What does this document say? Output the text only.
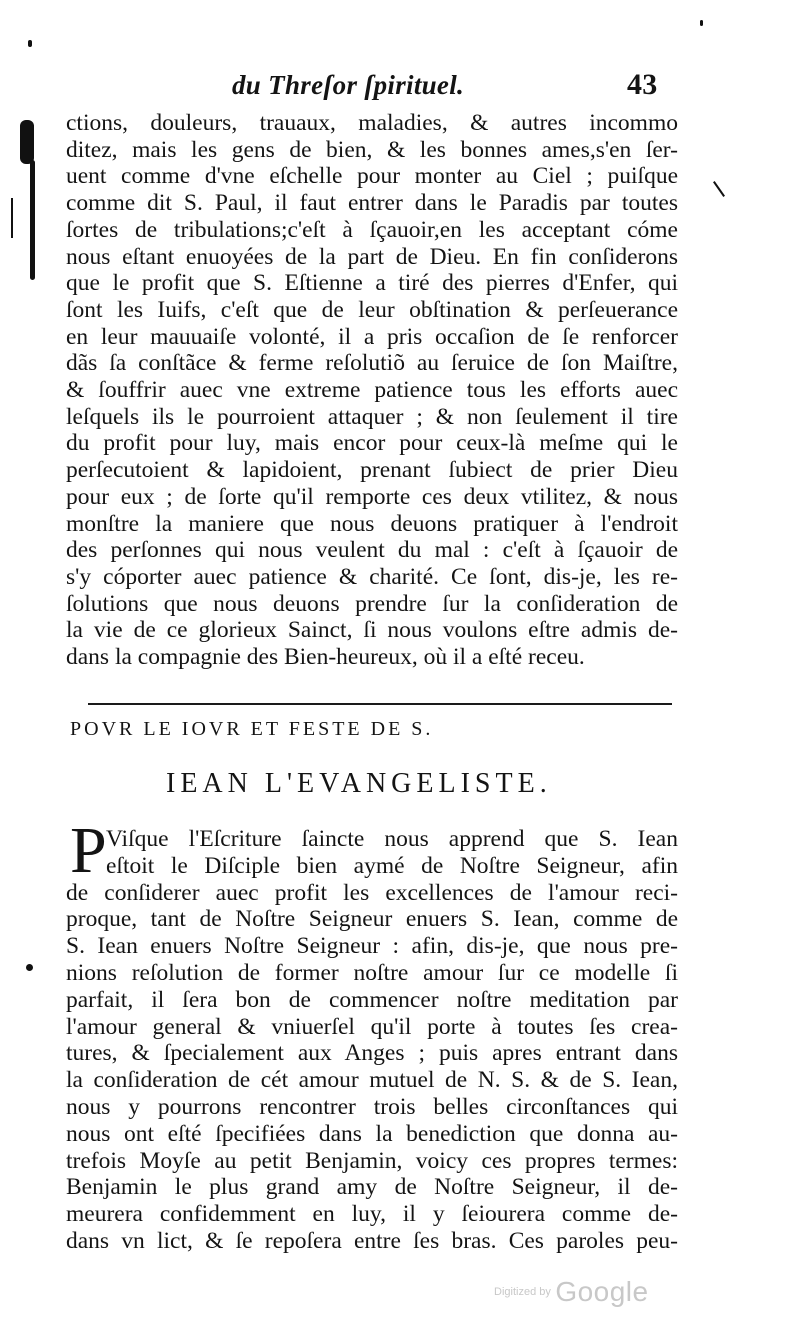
du Threſor ſpirituel.	43
ctions, douleurs, trauaux, maladies, & autres incommo
ditez, mais les gens de bien, & les bonnes ames,s'en ſer-
uent comme d'vne eſchelle pour monter au Ciel ; puiſque
comme dit S. Paul, il faut entrer dans le Paradis par toutes
ſortes de tribulations;c'eſt à ſçauoir,en les acceptant cóme
nous eſtant enuoyées de la part de Dieu. En fin conſiderons
que le profit que S. Eſtienne a tiré des pierres d'Enfer, qui
ſont les Iuifs, c'eſt que de leur obſtination & perſeuerance
en leur mauuaiſe volonté, il a pris occaſion de ſe renforcer
dãs ſa conſtãce & ferme reſolutiõ au ſeruice de ſon Maiſtre,
& ſouffrir auec vne extreme patience tous les efforts auec
leſquels ils le pourroient attaquer ; & non ſeulement il tire
du profit pour luy, mais encor pour ceux-là meſme qui le
perſecutoient & lapidoient, prenant ſubiect de prier Dieu
pour eux ; de ſorte qu'il remporte ces deux vtilitez, & nous
monſtre la maniere que nous deuons pratiquer à l'endroit
des perſonnes qui nous veulent du mal : c'eſt à ſçauoir de
s'y cóporter auec patience & charité. Ce ſont, dis-je, les re-
ſolutions que nous deuons prendre ſur la conſideration de
la vie de ce glorieux Sainct, ſi nous voulons eſtre admis de-
dans la compagnie des Bien-heureux, où il a eſté receu.
POVR LE IOVR ET FESTE DE S.
IEAN L'EVANGELISTE.
P Viſque l'Eſcriture ſaincte nous apprend que S. Iean
eſtoit le Diſciple bien aymé de Noſtre Seigneur, afin
de conſiderer auec profit les excellences de l'amour reci-
proque, tant de Noſtre Seigneur enuers S. Iean, comme de
S. Iean enuers Noſtre Seigneur : afin, dis-je, que nous pre-
nions reſolution de former noſtre amour ſur ce modelle ſi
parfait, il ſera bon de commencer noſtre meditation par
l'amour general & vniuerſel qu'il porte à toutes ſes crea-
tures, & ſpecialement aux Anges ; puis apres entrant dans
la conſideration de cét amour mutuel de N. S. & de S. Iean,
nous y pourrons rencontrer trois belles circonſtances qui
nous ont eſté ſpecifiées dans la benediction que donna au-
trefois Moyſe au petit Benjamin, voicy ces propres termes:
Benjamin le plus grand amy de Noſtre Seigneur, il de-
meurera confidemment en luy, il y ſeiourera comme de-
dans vn lict, & ſe repoſera entre ſes bras. Ces paroles peu-
Digitized by Google
